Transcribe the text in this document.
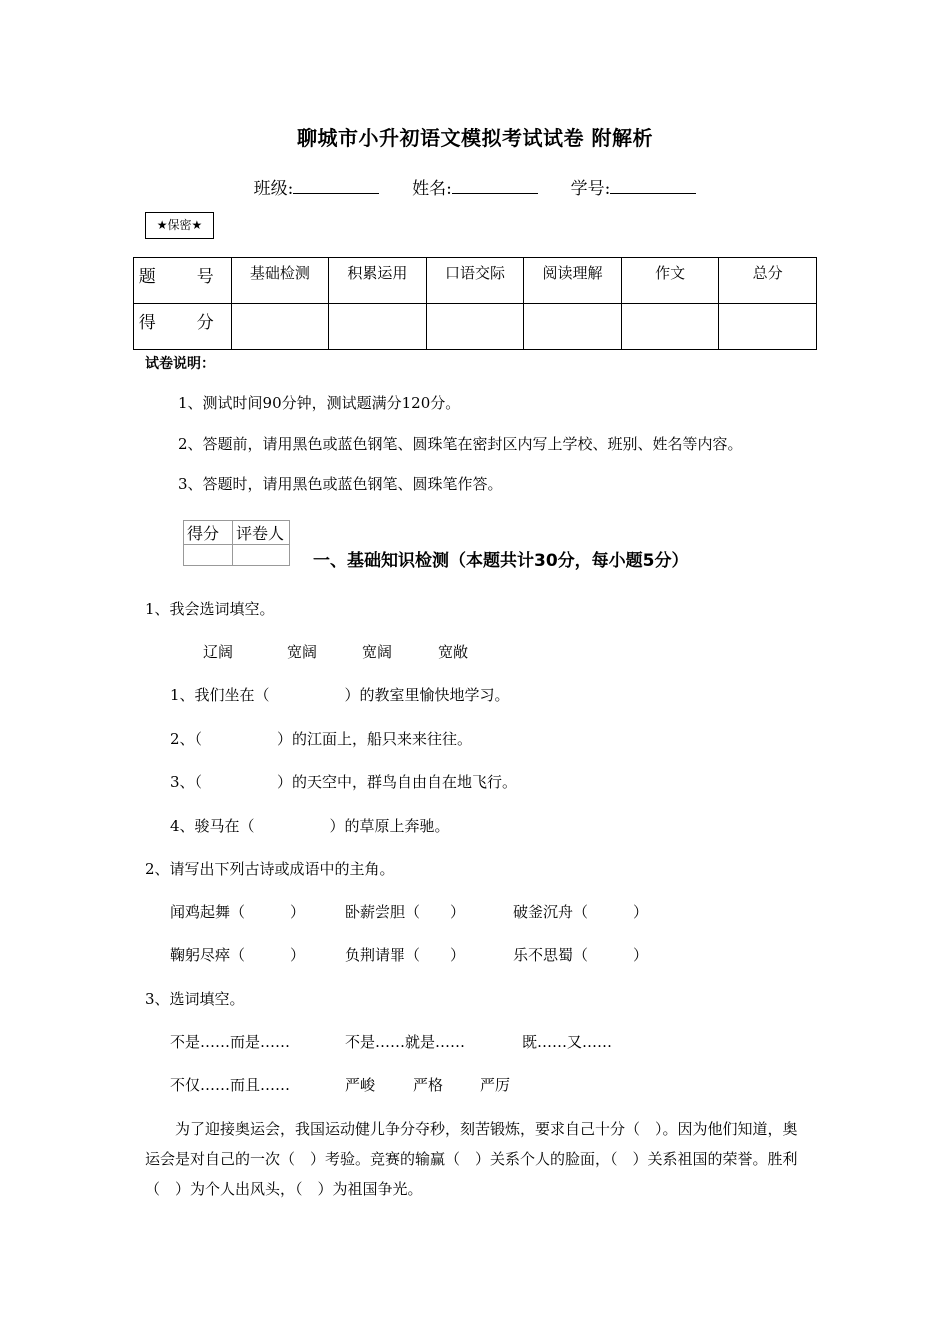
聊城市小升初语文模拟考试试卷 附解析
班级:	姓名:	学号:
★保密★
题　号	基础检测	积累运用	口语交际	阅读理解	作文	总分
得　分						
试卷说明：
1、测试时间90分钟，测试题满分120分。
2、答题前，请用黑色或蓝色钢笔、圆珠笔在密封区内写上学校、班别、姓名等内容。
3、答题时，请用黑色或蓝色钢笔、圆珠笔作答。
得分	评卷人

一、基础知识检测（本题共计30分，每小题5分）
1、我会选词填空。
辽阔	宽阔	宽阔	宽敞
1、我们坐在（　　　　　）的教室里愉快地学习。
2、（　　　　　）的江面上，船只来来往往。
3、（　　　　　）的天空中，群鸟自由自在地飞行。
4、骏马在（　　　　　）的草原上奔驰。
2、请写出下列古诗或成语中的主角。
闻鸡起舞（　　　）	卧薪尝胆（　　）	破釜沉舟（　　　）
鞠躬尽瘁（　　　）	负荆请罪（　　）	乐不思蜀（　　　）
3、选词填空。
不是……而是……	不是……就是……	既……又……
不仅……而且……	严峻	严格 严厉
为了迎接奥运会，我国运动健儿争分夺秒，刻苦锻炼，要求自己十分（　）。因为他们知道，奥运会是对自己的一次（　）考验。竞赛的输赢（　）关系个人的脸面，（　）关系祖国的荣誉。胜利（　）为个人出风头，（　）为祖国争光。
